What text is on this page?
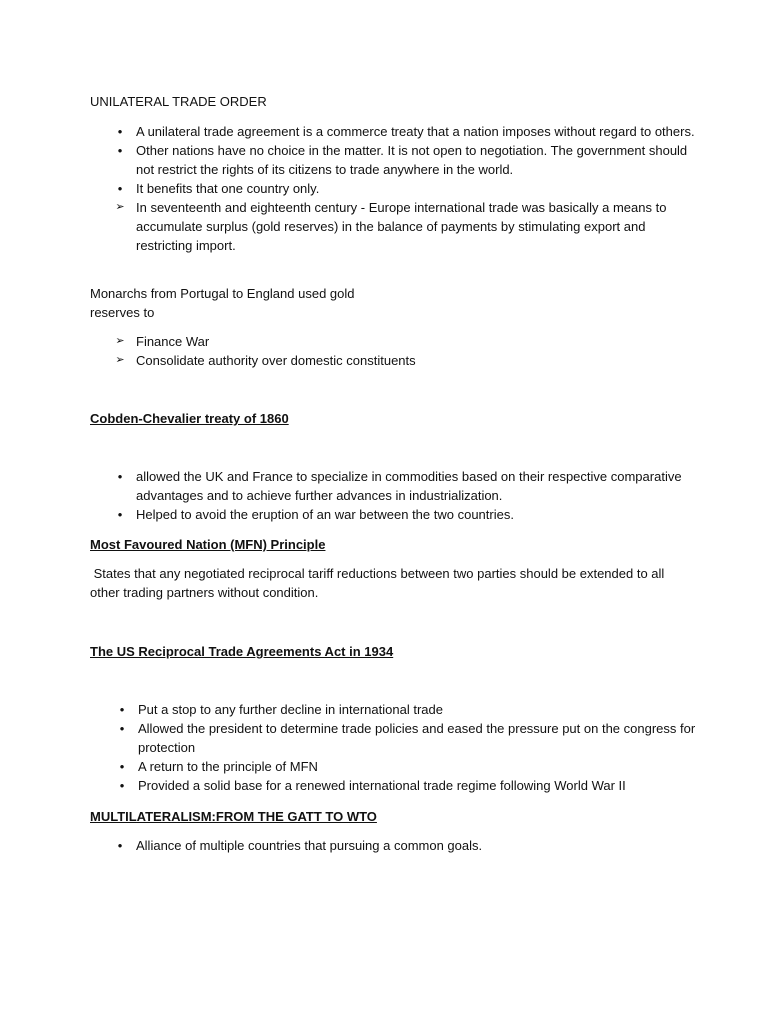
UNILATERAL TRADE ORDER
•	A unilateral trade agreement is a commerce treaty that a nation imposes without regard to others.
•	Other nations have no choice in the matter. It is not open to negotiation. The government should not restrict the rights of its citizens to trade anywhere in the world.
•	It benefits that one country only.
➢ In seventeenth and eighteenth century - Europe international trade was basically a means to accumulate surplus (gold reserves) in the balance of payments by stimulating export and restricting import.
Monarchs from Portugal to England used gold
reserves to
➢ Finance War
➢ Consolidate authority over domestic constituents
Cobden-Chevalier treaty of 1860
•	allowed the UK and France to specialize in commodities based on their respective comparative advantages and to achieve further advances in industrialization.
•	Helped to avoid the eruption of an war between the two countries.
Most Favoured Nation (MFN) Principle
States that any negotiated reciprocal tariff reductions between two parties should be extended to all other trading partners without condition.
The US Reciprocal Trade Agreements Act in 1934
•	Put a stop to any further decline in international trade
•	Allowed the president to determine trade policies and eased the pressure put on the congress for protection
•	A return to the principle of MFN
•	Provided a solid base for a renewed international trade regime following World War II
MULTILATERALISM:FROM THE GATT TO WTO
•	Alliance of multiple countries that pursuing a common goals.
